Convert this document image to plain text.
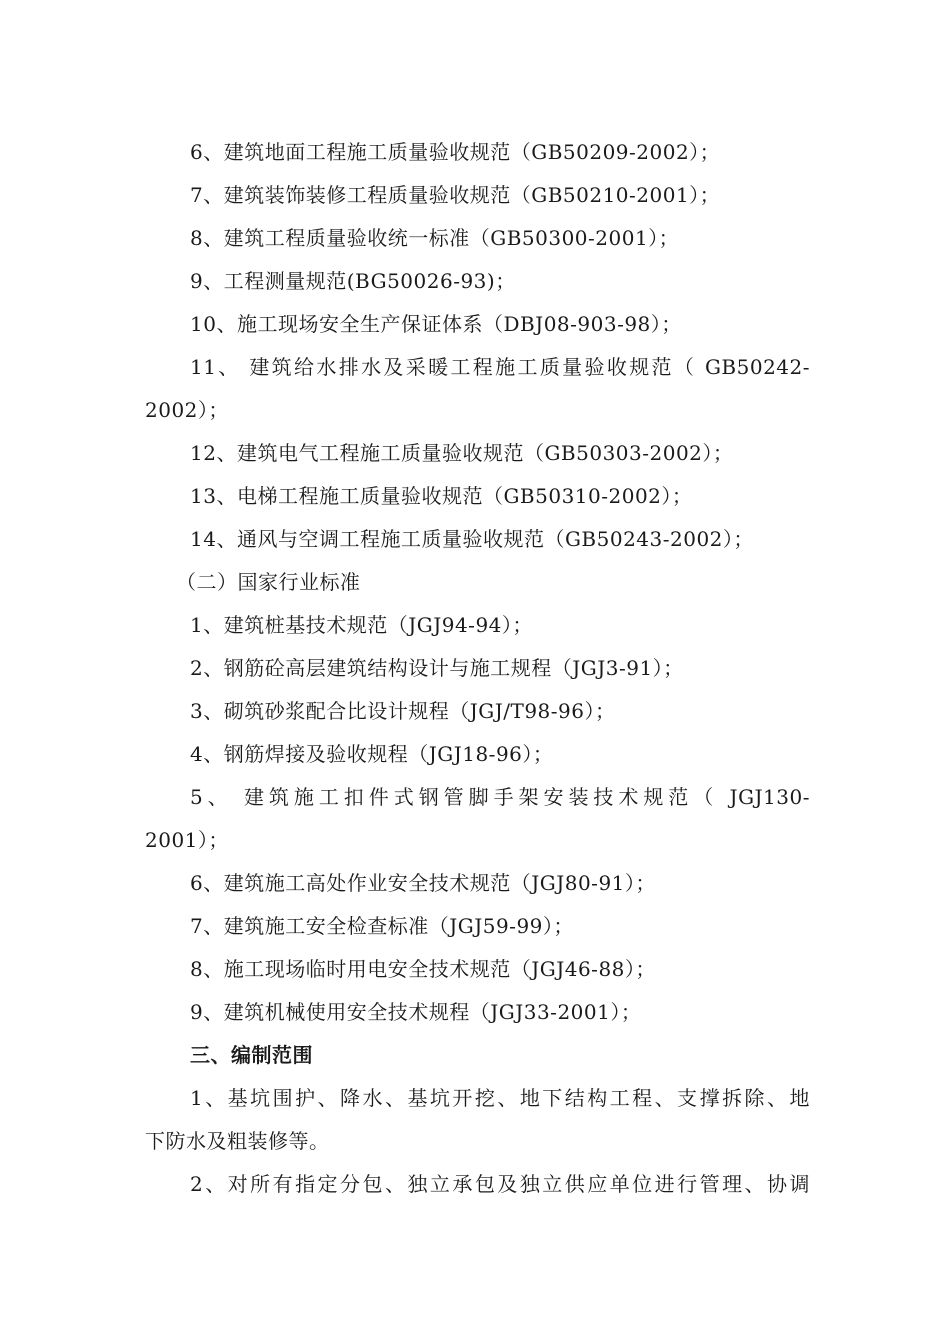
6、建筑地面工程施工质量验收规范（GB50209-2002）；
7、建筑装饰装修工程质量验收规范（GB50210-2001）；
8、建筑工程质量验收统一标准（GB50300-2001）；
9、工程测量规范(BG50026-93)；
10、施工现场安全生产保证体系（DBJ08-903-98）；
11、 建筑给水排水及采暖工程施工质量验收规范（ GB50242-
2002）；
12、建筑电气工程施工质量验收规范（GB50303-2002）；
13、电梯工程施工质量验收规范（GB50310-2002）；
14、通风与空调工程施工质量验收规范（GB50243-2002）；
（二）国家行业标准
1、建筑桩基技术规范（JGJ94-94）；
2、钢筋砼高层建筑结构设计与施工规程（JGJ3-91）；
3、砌筑砂浆配合比设计规程（JGJ/T98-96）；
4、钢筋焊接及验收规程（JGJ18-96）；
5、 建筑施工扣件式钢管脚手架安装技术规范（ JGJ130-
2001）；
6、建筑施工高处作业安全技术规范（JGJ80-91）；
7、建筑施工安全检查标准（JGJ59-99）；
8、施工现场临时用电安全技术规范（JGJ46-88）；
9、建筑机械使用安全技术规程（JGJ33-2001）；
三、编制范围
1、基坑围护、降水、基坑开挖、地下结构工程、支撑拆除、地
下防水及粗装修等。
2、对所有指定分包、独立承包及独立供应单位进行管理、协调
